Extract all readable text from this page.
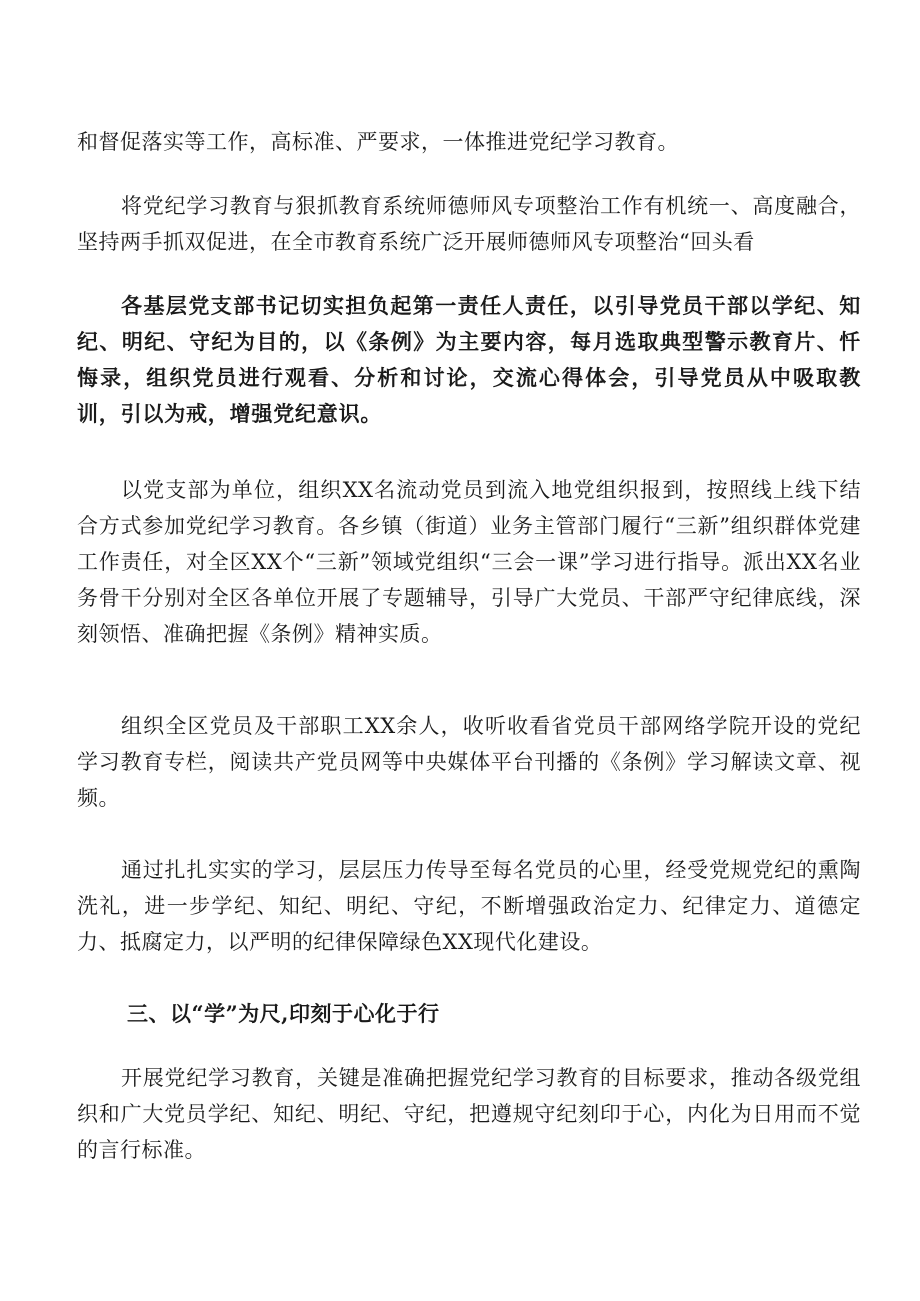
和督促落实等工作，高标准、严要求，一体推进党纪学习教育。

将党纪学习教育与狠抓教育系统师德师风专项整治工作有机统一、高度融合，坚持两手抓双促进，在全市教育系统广泛开展师德师风专项整治“回头看

各基层党支部书记切实担负起第一责任人责任，以引导党员干部以学纪、知纪、明纪、守纪为目的，以《条例》为主要内容，每月选取典型警示教育片、忏悔录，组织党员进行观看、分析和讨论，交流心得体会，引导党员从中吸取教训，引以为戒，增强党纪意识。

以党支部为单位，组织XX名流动党员到流入地党组织报到，按照线上线下结合方式参加党纪学习教育。各乡镇（街道）业务主管部门履行“三新”组织群体党建工作责任，对全区XX个“三新”领域党组织“三会一课”学习进行指导。派出XX名业务骨干分别对全区各单位开展了专题辅导，引导广大党员、干部严守纪律底线，深刻领悟、准确把握《条例》精神实质。

组织全区党员及干部职工XX余人，收听收看省党员干部网络学院开设的党纪学习教育专栏，阅读共产党员网等中央媒体平台刊播的《条例》学习解读文章、视频。

通过扎扎实实的学习，层层压力传导至每名党员的心里，经受党规党纪的熏陶洗礼，进一步学纪、知纪、明纪、守纪，不断增强政治定力、纪律定力、道德定力、抵腐定力，以严明的纪律保障绿色XX现代化建设。

三、以“学”为尺,印刻于心化于行

开展党纪学习教育，关键是准确把握党纪学习教育的目标要求，推动各级党组织和广大党员学纪、知纪、明纪、守纪，把遵规守纪刻印于心，内化为日用而不觉的言行标准。
